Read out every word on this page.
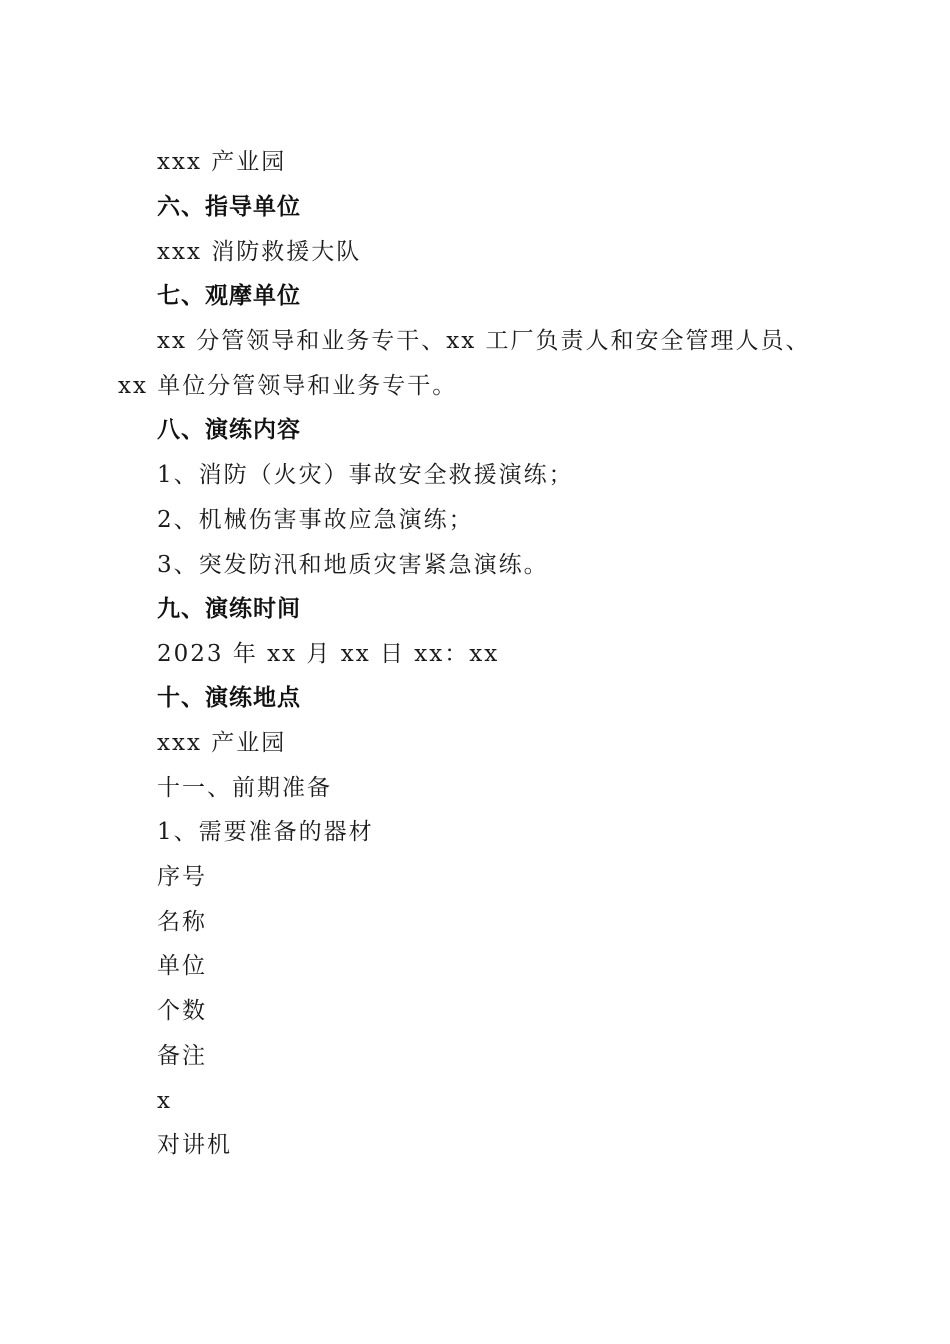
xxx 产业园
六、指导单位
xxx 消防救援大队
七、观摩单位
xx 分管领导和业务专干、xx 工厂负责人和安全管理人员、
xx 单位分管领导和业务专干。
八、演练内容
1、消防（火灾）事故安全救援演练；
2、机械伤害事故应急演练；
3、突发防汛和地质灾害紧急演练。
九、演练时间
2023 年 xx 月 xx 日 xx：xx
十、演练地点
xxx 产业园
十一、前期准备
1、需要准备的器材
序号
名称
单位
个数
备注
x
对讲机
